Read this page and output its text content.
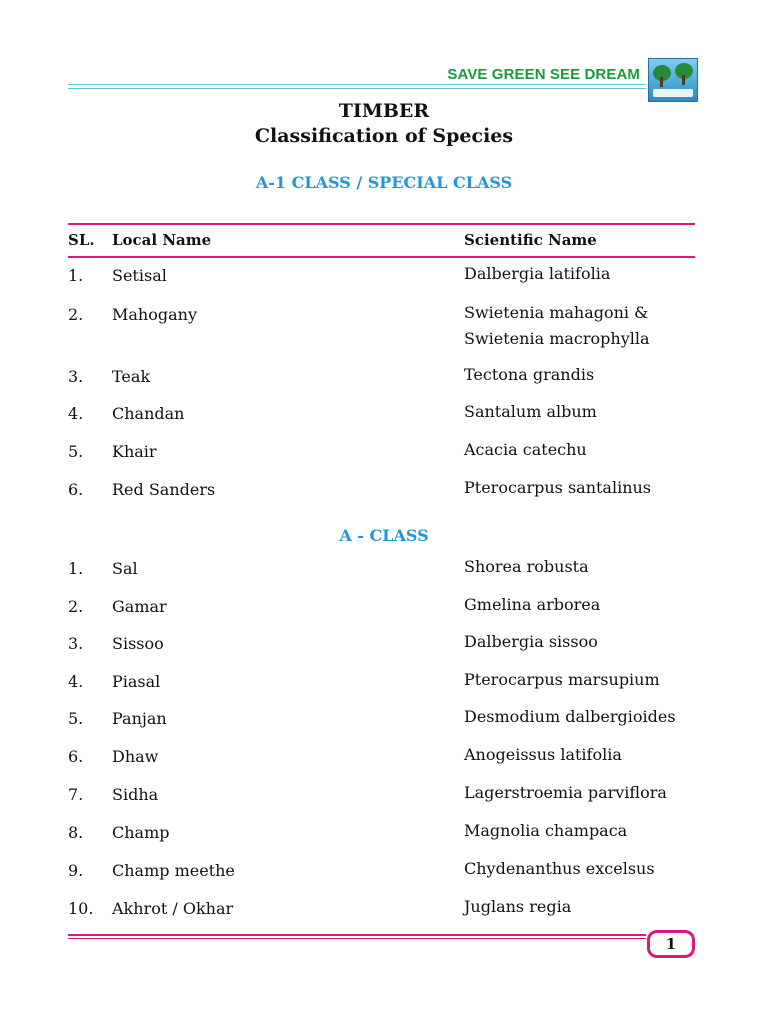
SAVE GREEN SEE DREAM
TIMBER
Classification of Species
A-1 CLASS / SPECIAL CLASS
SL. Local Name	Scientific Name
1. Setisal	Dalbergia latifolia
2. Mahogany	Swietenia mahagoni &
Swietenia macrophylla
3. Teak	Tectona grandis
4. Chandan	Santalum album
5. Khair	Acacia catechu
6. Red Sanders	Pterocarpus santalinus
A - CLASS
1. Sal	Shorea robusta
2. Gamar	Gmelina arborea
3. Sissoo	Dalbergia sissoo
4. Piasal	Pterocarpus marsupium
5. Panjan	Desmodium dalbergioides
6. Dhaw	Anogeissus latifolia
7. Sidha	Lagerstroemia parviflora
8. Champ	Magnolia champaca
9. Champ meethe	Chydenanthus excelsus
10. Akhrot / Okhar	Juglans regia
1
